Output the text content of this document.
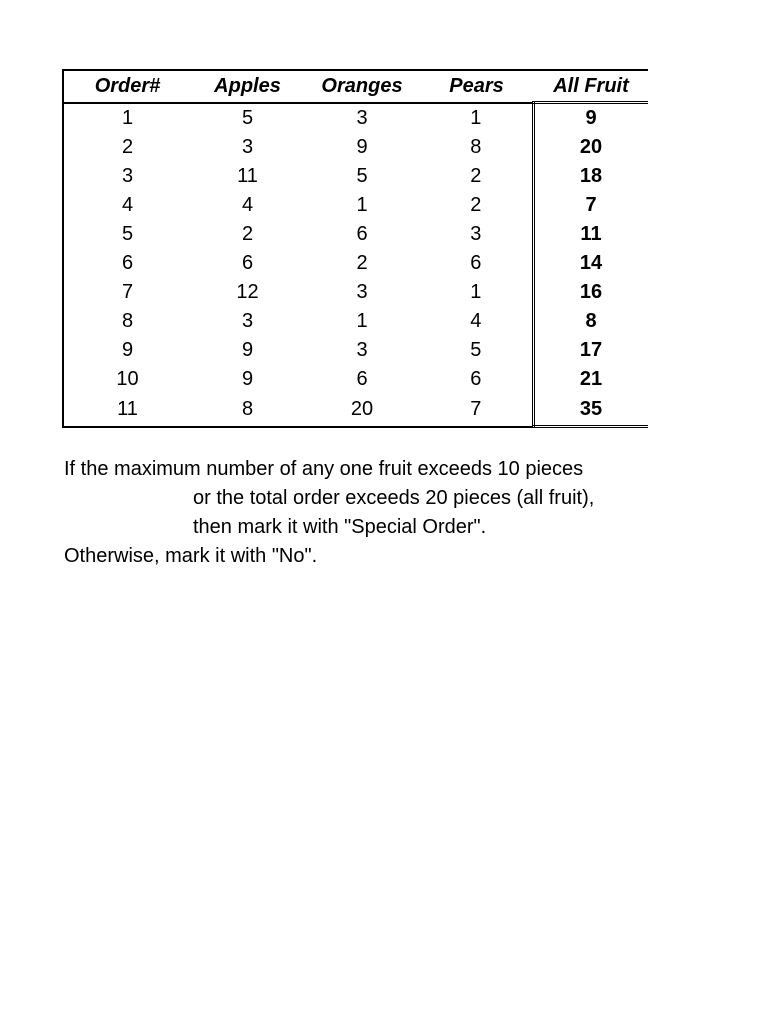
Order#	Apples	Oranges	Pears	All Fruit
1	5	3	1	9
2	3	9	8	20
3	11	5	2	18
4	4	1	2	7
5	2	6	3	11
6	6	2	6	14
7	12	3	1	16
8	3	1	4	8
9	9	3	5	17
10	9	6	6	21
11	8	20	7	35
If the maximum number of any one fruit exceeds 10 pieces
or the total order exceeds 20 pieces (all fruit),
then mark it with "Special Order".
Otherwise, mark it with "No".
